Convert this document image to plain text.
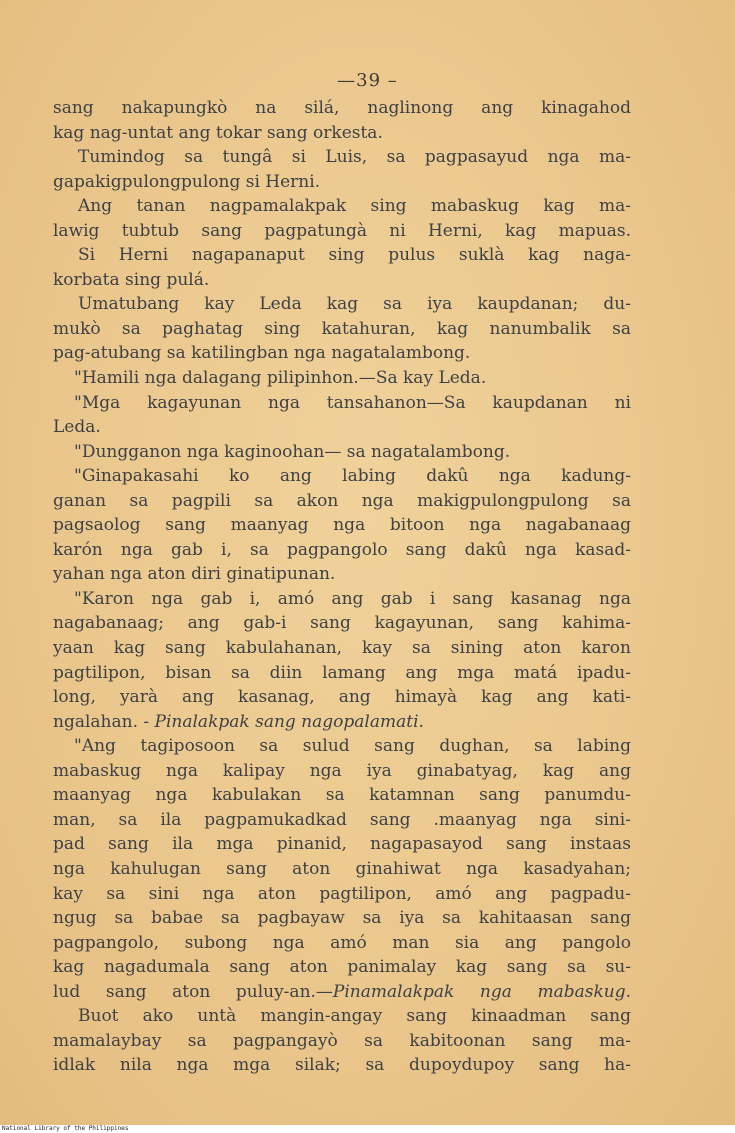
—39 –

sang nakapungkò na silá, naglinong ang kinagahod

kag nag-untat ang tokar sang orkesta.

Tumindog sa tungâ si Luis, sa pagpasayud nga ma-

gapakigpulongpulong si Herni.

Ang tanan nagpamalakpak sing mabaskug kag ma-

lawig tubtub sang pagpatungà ni Herni, kag mapuas.

Si Herni nagapanaput sing pulus suklà kag naga-

korbata sing pulá.

Umatubang kay Leda kag sa iya kaupdanan; du-

mukò sa paghatag sing katahuran, kag nanumbalik sa

pag-atubang sa katilingban nga nagatalambong.

"Hamili nga dalagang pilipinhon.—Sa kay Leda.

"Mga kagayunan nga tansahanon—Sa kaupdanan ni

Leda.

"Dungganon nga kaginoohan— sa nagatalambong.

"Ginapakasahi ko ang labing dakû nga kadung-

ganan sa pagpili sa akon nga makigpulongpulong sa

pagsaolog sang maanyag nga bitoon nga nagabanaag

karón nga gab i, sa pagpangolo sang dakû nga kasad-

yahan nga aton diri ginatipunan.

"Karon nga gab i, amó ang gab i sang kasanag nga

nagabanaag; ang gab-i sang kagayunan, sang kahima-

yaan kag sang kabulahanan, kay sa sining aton karon

pagtilipon, bisan sa diin lamang ang mga matá ipadu-

long, yarà ang kasanag, ang himayà kag ang kati-

ngalahan. - Pinalakpak sang nagopalamati.

"Ang tagiposoon sa sulud sang dughan, sa labing

mabaskug nga kalipay nga iya ginabatyag, kag ang

maanyag nga kabulakan sa katamnan sang panumdu-

man, sa ila pagpamukadkad sang .maanyag nga sini-

pad sang ila mga pinanid, nagapasayod sang instaas

nga kahulugan sang aton ginahiwat nga kasadyahan;

kay sa sini nga aton pagtilipon, amó ang pagpadu-

ngug sa babae sa pagbayaw sa iya sa kahitaasan sang

pagpangolo, subong nga amó man sia ang pangolo

kag nagadumala sang aton panimalay kag sang sa su-

lud sang aton puluy-an.—Pinamalakpak nga mabaskug.

Buot ako untà mangin-angay sang kinaadman sang

mamalaybay sa pagpangayò sa kabitoonan sang ma-

idlak nila nga mga silak; sa dupoydupoy sang ha-

National Library of the Philippines
